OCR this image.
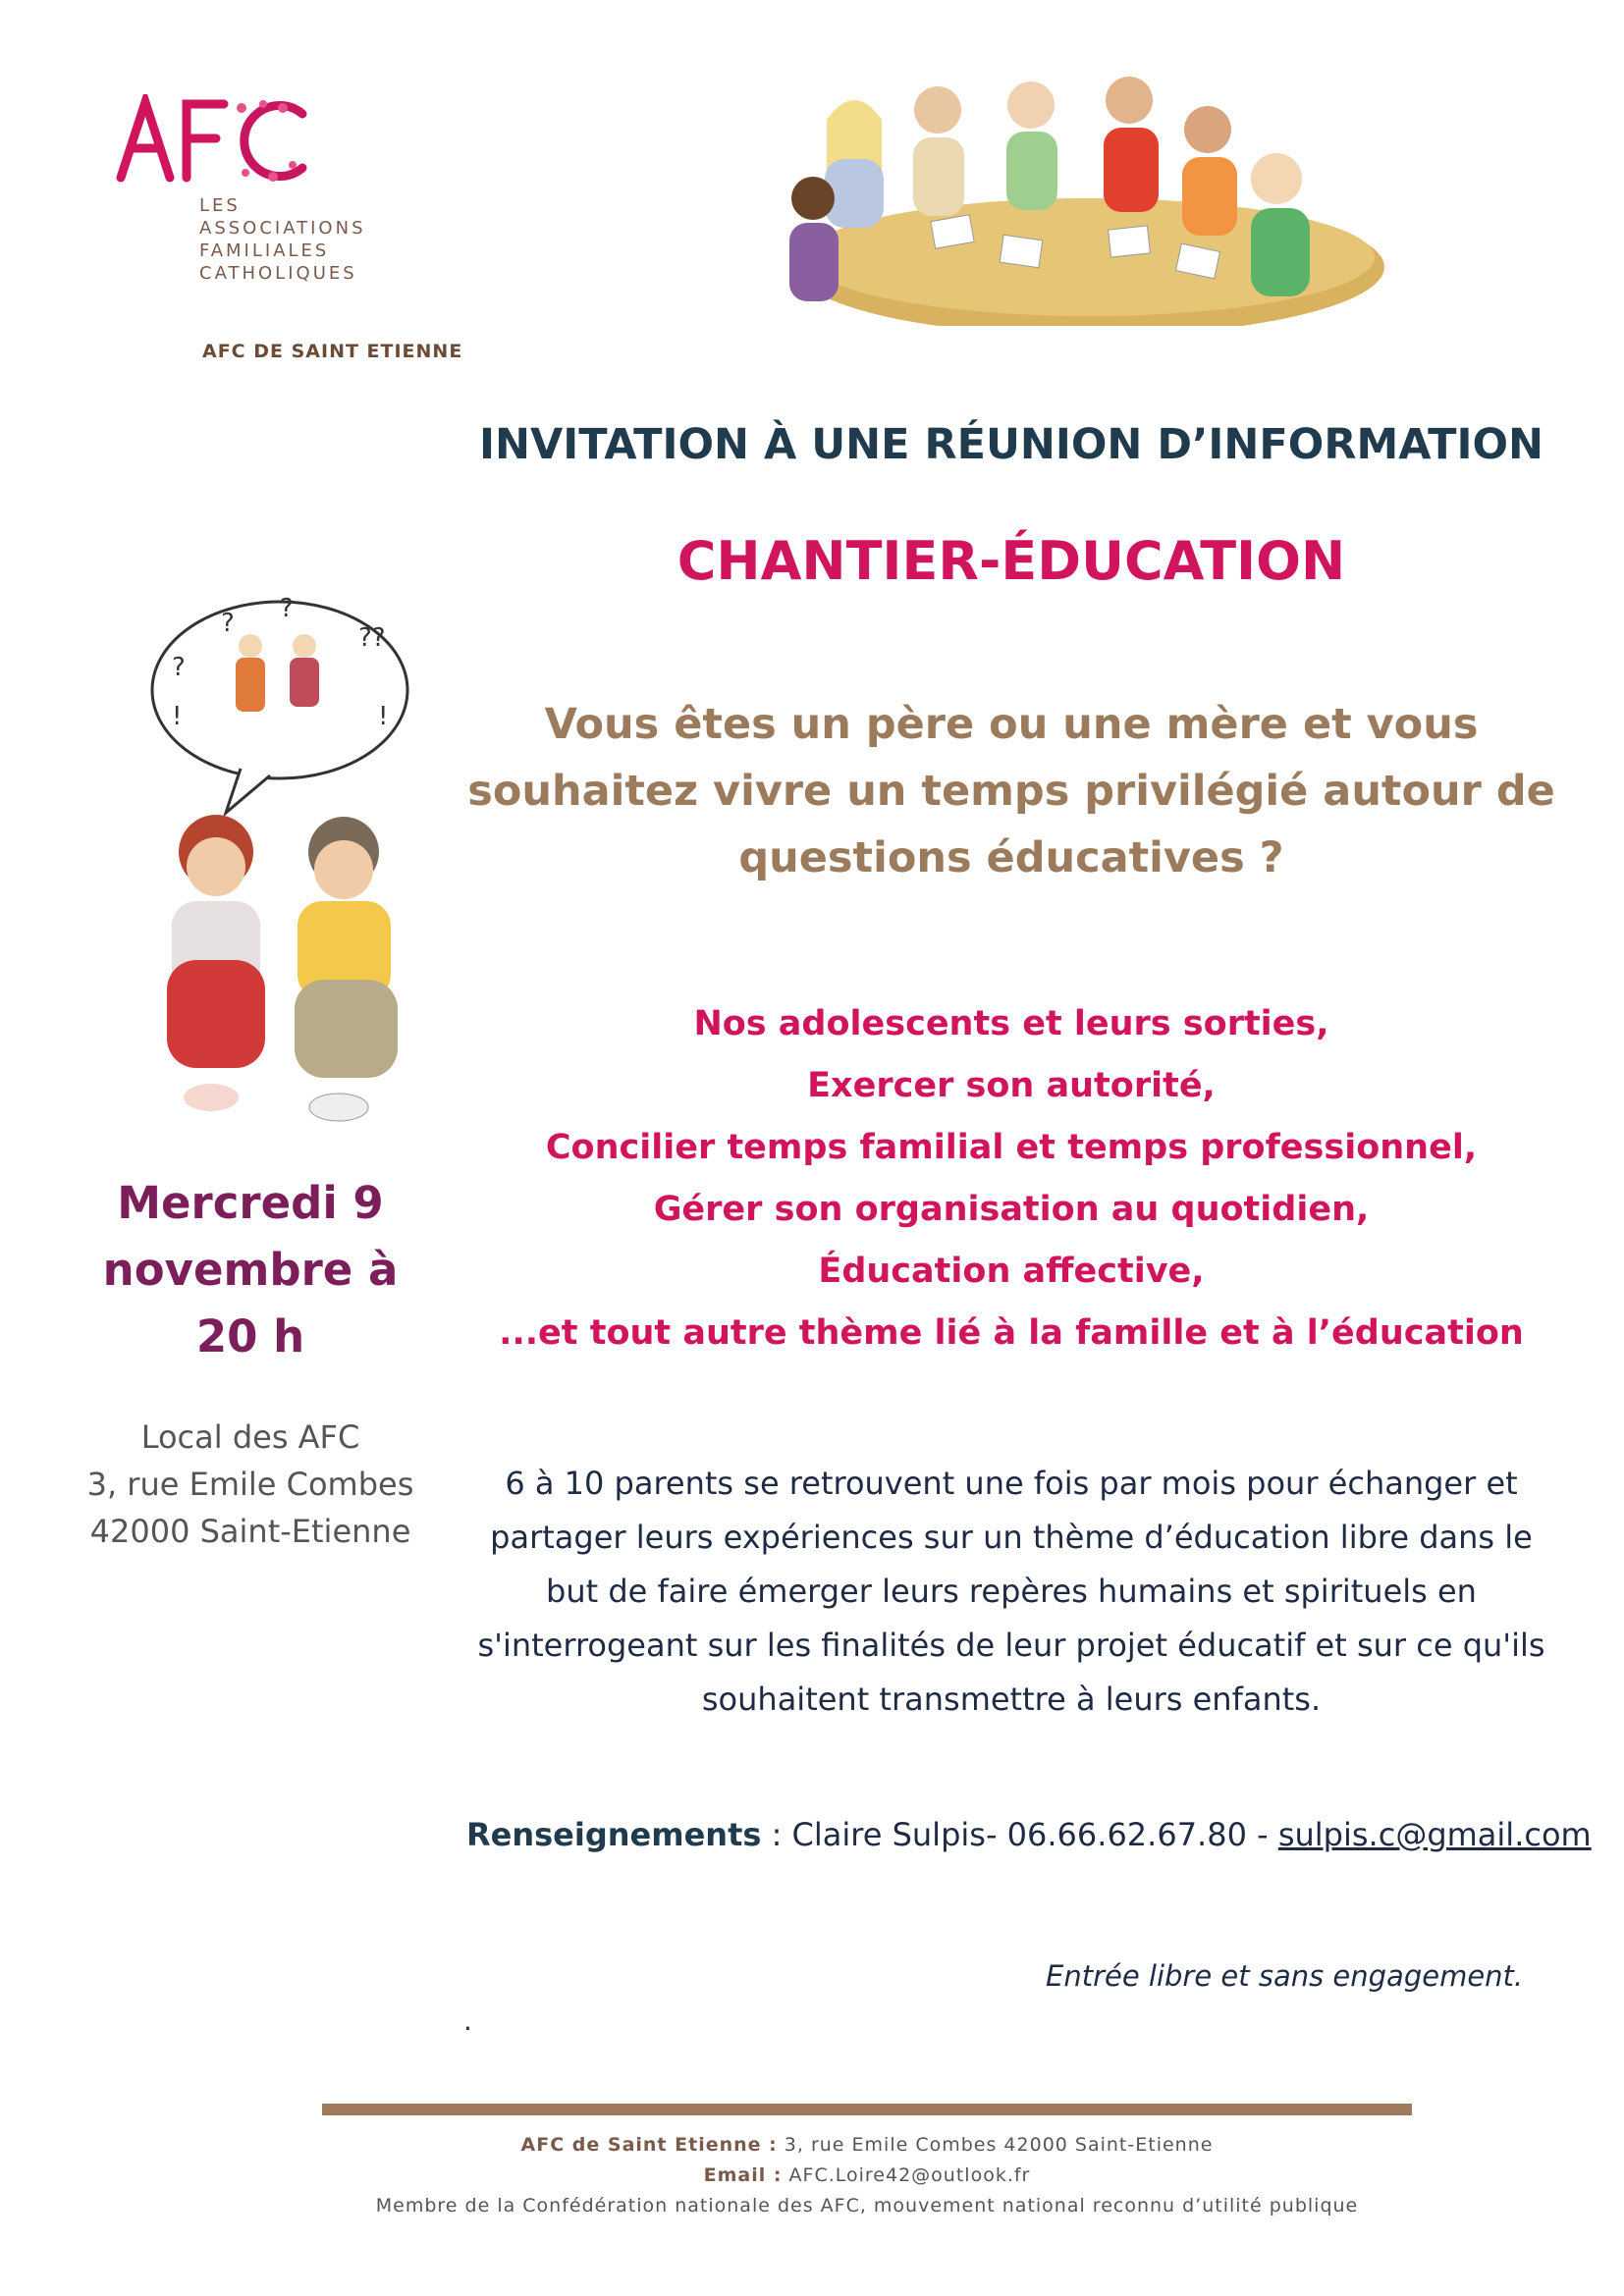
LES
ASSOCIATIONS
FAMILIALES
CATHOLIQUES
AFC DE SAINT ETIENNE
? ?
??
?
!	!
INVITATION À UNE RÉUNION D’INFORMATION
CHANTIER-ÉDUCATION
Vous êtes un père ou une mère et vous
souhaitez vivre un temps privilégié autour de
questions éducatives ?
Nos adolescents et leurs sorties,
Exercer son autorité,
Concilier temps familial et temps professionnel,
Gérer son organisation au quotidien,
Éducation affective,
...et tout autre thème lié à la famille et à l’éducation
Mercredi 9
novembre à
20 h
Local des AFC
3, rue Emile Combes
42000 Saint-Etienne
6 à 10 parents se retrouvent une fois par mois pour échanger et
partager leurs expériences sur un thème d’éducation libre dans le
but de faire émerger leurs repères humains et spirituels en
s'interrogeant sur les finalités de leur projet éducatif et sur ce qu'ils
souhaitent transmettre à leurs enfants.
Renseignements : Claire Sulpis- 06.66.62.67.80 - sulpis.c@gmail.com
Entrée libre et sans engagement.
.
AFC de Saint Etienne : 3, rue Emile Combes 42000 Saint-Etienne
Email : AFC.Loire42@outlook.fr
Membre de la Confédération nationale des AFC, mouvement national reconnu d’utilité publique
